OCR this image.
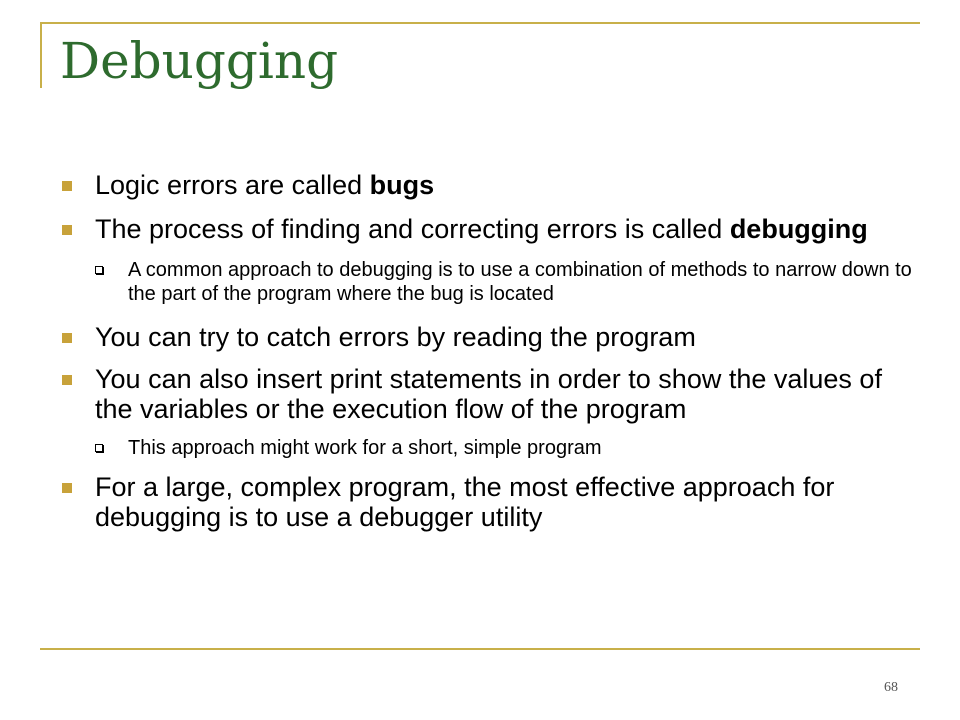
Debugging
Logic errors are called bugs
The process of finding and correcting errors is called debugging
A common approach to debugging is to use a combination of methods to narrow down to the part of the program where the bug is located
You can try to catch errors by reading the program
You can also insert print statements in order to show the values of the variables or the execution flow of the program
This approach might work for a short, simple program
For a large, complex program, the most effective approach for debugging is to use a debugger utility
68
